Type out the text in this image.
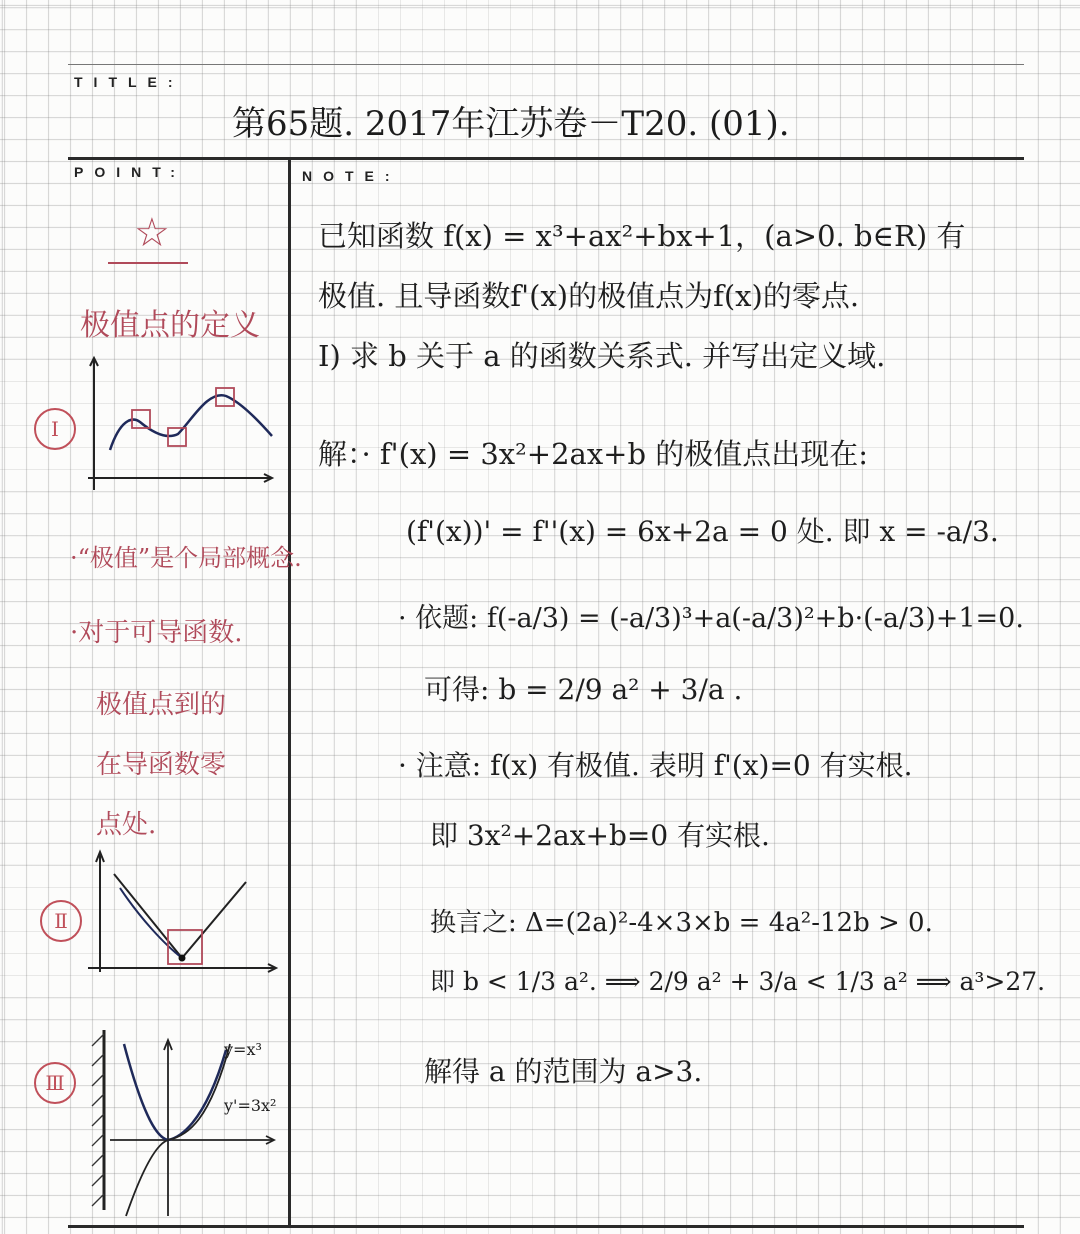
TITLE:
POINT:	NOTE:
第65题. 2017年江苏卷－T20. (01).
☆
极值点的定义
Ⅰ
·“极值”是个局部概念.
·对于可导函数.
极值点到的
在导函数零
点处.
Ⅱ
Ⅲ
y=x³
y'=3x²
已知函数 f(x) = x³+ax²+bx+1，(a>0. b∈R) 有
极值. 且导函数f'(x)的极值点为f(x)的零点.
I) 求 b 关于 a 的函数关系式. 并写出定义域.
解：· f'(x) = 3x²+2ax+b 的极值点出现在:
(f'(x))' = f''(x) = 6x+2a = 0 处. 即 x = -a/3.
· 依题: f(-a/3) = (-a/3)³+a(-a/3)²+b·(-a/3)+1=0.
可得: b = 2/9 a² + 3/a .
· 注意: f(x) 有极值. 表明 f'(x)=0 有实根.
即 3x²+2ax+b=0 有实根.
换言之: Δ=(2a)²-4×3×b = 4a²-12b > 0.
即 b < 1/3 a². ⟹ 2/9 a² + 3/a < 1/3 a² ⟹ a³>27.
解得 a 的范围为 a>3.
